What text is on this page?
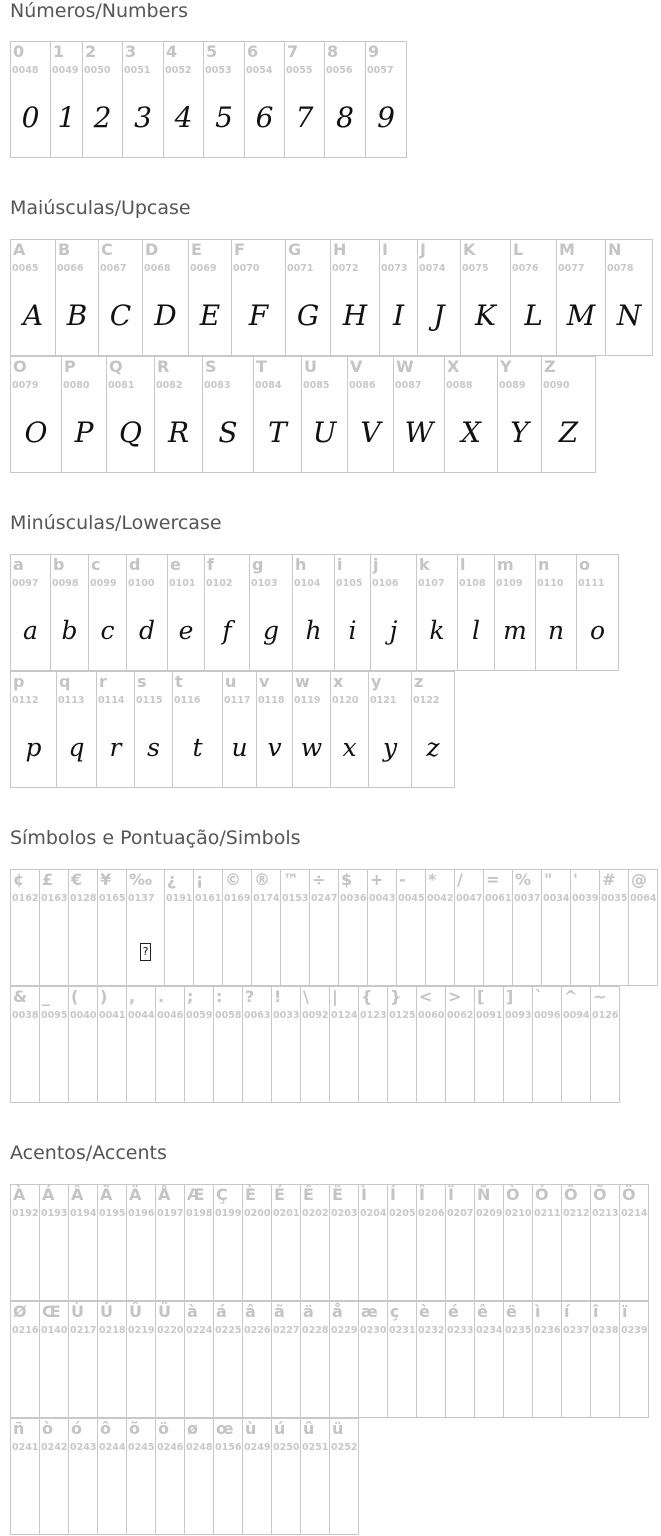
Números/Numbers
0
0048
0
1
0049
1
2
0050
2
3
0051
3
4
0052
4
5
0053
5
6
0054
6
7
0055
7
8
0056
8
9
0057
9
Maiúsculas/Upcase
A
0065
A
B
0066
B
C
0067
C
D
0068
D
E
0069
E
F
0070
F
G
0071
G
H
0072
H
I
0073
I
J
0074
J
K
0075
K
L
0076
L
M
0077
M
N
0078
N
O
0079
O
P
0080
P
Q
0081
Q
R
0082
R
S
0083
S
T
0084
T
U
0085
U
V
0086
V
W
0087
W
X
0088
X
Y
0089
Y
Z
0090
Z
Minúsculas/Lowercase
a
0097
a
b
0098
b
c
0099
c
d
0100
d
e
0101
e
f
0102
f
g
0103
g
h
0104
h
i
0105
i
j
0106
j
k
0107
k
l
0108
l
m
0109
m
n
0110
n
o
0111
o
p
0112
p
q
0113
q
r
0114
r
s
0115
s
t
0116
t
u
0117
u
v
0118
v
w
0119
w
x
0120
x
y
0121
y
z
0122
z
Símbolos e Pontuação/Simbols
¢
0162
£
0163
€
0128
¥
0165
‰
0137
?
¿
0191
¡
0161
©
0169
®
0174
™
0153
÷
0247
$
0036
+
0043
-
0045
*
0042
/
0047
=
0061
%
0037
"
0034
'
0039
#
0035
@
0064
&
0038
_
0095
(
0040
)
0041
,
0044
.
0046
;
0059
:
0058
?
0063
!
0033
\
0092
|
0124
{
0123
}
0125
<
0060
>
0062
[
0091
]
0093
`
0096
^
0094
~
0126
Acentos/Accents
À
0192
Á
0193
Â
0194
Ã
0195
Ä
0196
Å
0197
Æ
0198
Ç
0199
È
0200
É
0201
Ê
0202
Ë
0203
Ì
0204
Í
0205
Î
0206
Ï
0207
Ñ
0209
Ò
0210
Ó
0211
Ô
0212
Õ
0213
Ö
0214
Ø
0216
Œ
0140
Ù
0217
Ú
0218
Û
0219
Ü
0220
à
0224
á
0225
â
0226
ã
0227
ä
0228
å
0229
æ
0230
ç
0231
è
0232
é
0233
ê
0234
ë
0235
ì
0236
í
0237
î
0238
ï
0239
ñ
0241
ò
0242
ó
0243
ô
0244
õ
0245
ö
0246
ø
0248
œ
0156
ù
0249
ú
0250
û
0251
ü
0252
